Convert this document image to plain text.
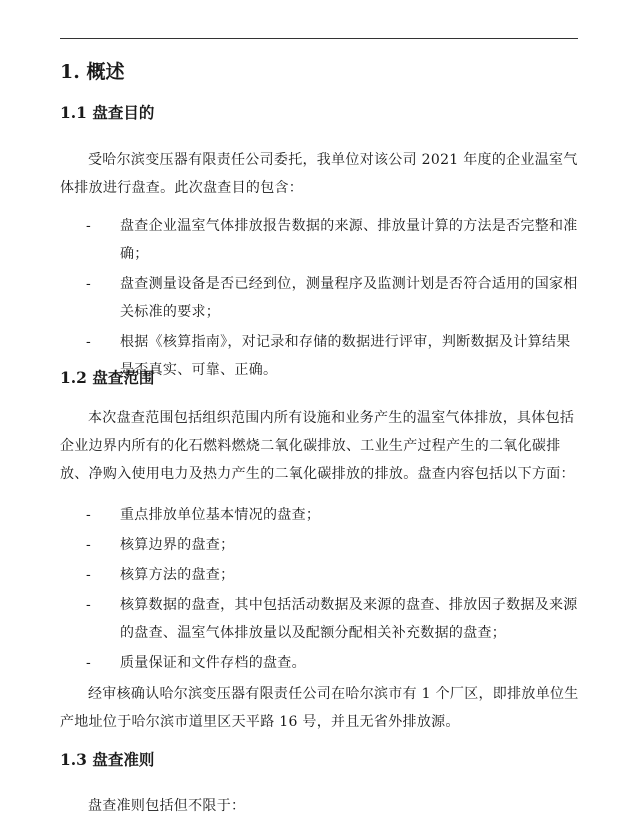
1. 概述
1.1 盘查目的

受哈尔滨变压器有限责任公司委托，我单位对该公司 2021 年度的企业温室气体排放进行盘查。此次盘查目的包含：

-	盘查企业温室气体排放报告数据的来源、排放量计算的方法是否完整和准确；
-	盘查测量设备是否已经到位，测量程序及监测计划是否符合适用的国家相关标准的要求；
-	根据《核算指南》，对记录和存储的数据进行评审，判断数据及计算结果是否真实、可靠、正确。
1.2 盘查范围

本次盘查范围包括组织范围内所有设施和业务产生的温室气体排放，具体包括企业边界内所有的化石燃料燃烧二氧化碳排放、工业生产过程产生的二氧化碳排放、净购入使用电力及热力产生的二氧化碳排放的排放。盘查内容包括以下方面：

-	重点排放单位基本情况的盘查；
-	核算边界的盘查；
-	核算方法的盘查；
-	核算数据的盘查，其中包括活动数据及来源的盘查、排放因子数据及来源的盘查、温室气体排放量以及配额分配相关补充数据的盘查；
-	质量保证和文件存档的盘查。

经审核确认哈尔滨变压器有限责任公司在哈尔滨市有 1 个厂区，即排放单位生产地址位于哈尔滨市道里区天平路 16 号，并且无省外排放源。

1.3 盘查准则

盘查准则包括但不限于：
